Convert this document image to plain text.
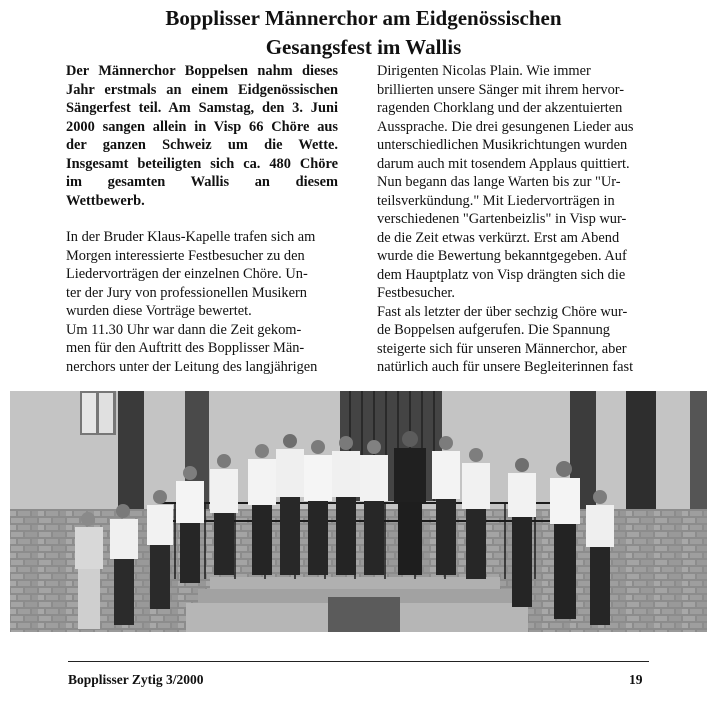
Bopplisser Männerchor am Eidgenössischen
Gesangsfest im Wallis
Der Männerchor Boppelsen nahm dieses
Jahr erstmals an einem Eidgenössischen
Sängerfest teil. Am Samstag, den 3. Juni
2000 sangen allein in Visp 66 Chöre aus
der ganzen Schweiz um die Wette.
Insgesamt beteiligten sich ca. 480 Chöre
im gesamten Wallis an diesem
Wettbewerb.
In der Bruder Klaus-Kapelle trafen sich am
Morgen interessierte Festbesucher zu den
Liedervorträgen der einzelnen Chöre. Un-
ter der Jury von professionellen Musikern
wurden diese Vorträge bewertet.
Um 11.30 Uhr war dann die Zeit gekom-
men für den Auftritt des Bopplisser Män-
nerchors unter der Leitung des langjährigen
Dirigenten Nicolas Plain. Wie immer
brillierten unsere Sänger mit ihrem hervor-
ragenden Chorklang und der akzentuierten
Aussprache. Die drei gesungenen Lieder aus
unterschiedlichen Musikrichtungen wurden
darum auch mit tosendem Applaus quittiert.
Nun begann das lange Warten bis zur "Ur-
teilsverkündung." Mit Liedervorträgen in
verschiedenen "Gartenbeizlis" in Visp wur-
de die Zeit etwas verkürzt. Erst am Abend
wurde die Bewertung bekanntgegeben. Auf
dem Hauptplatz von Visp drängten sich die
Festbesucher.
Fast als letzter der über sechzig Chöre wur-
de Boppelsen aufgerufen. Die Spannung
steigerte sich für unseren Männerchor, aber
natürlich auch für unsere Begleiterinnen fast
Bopplisser Zytig 3/2000	19
